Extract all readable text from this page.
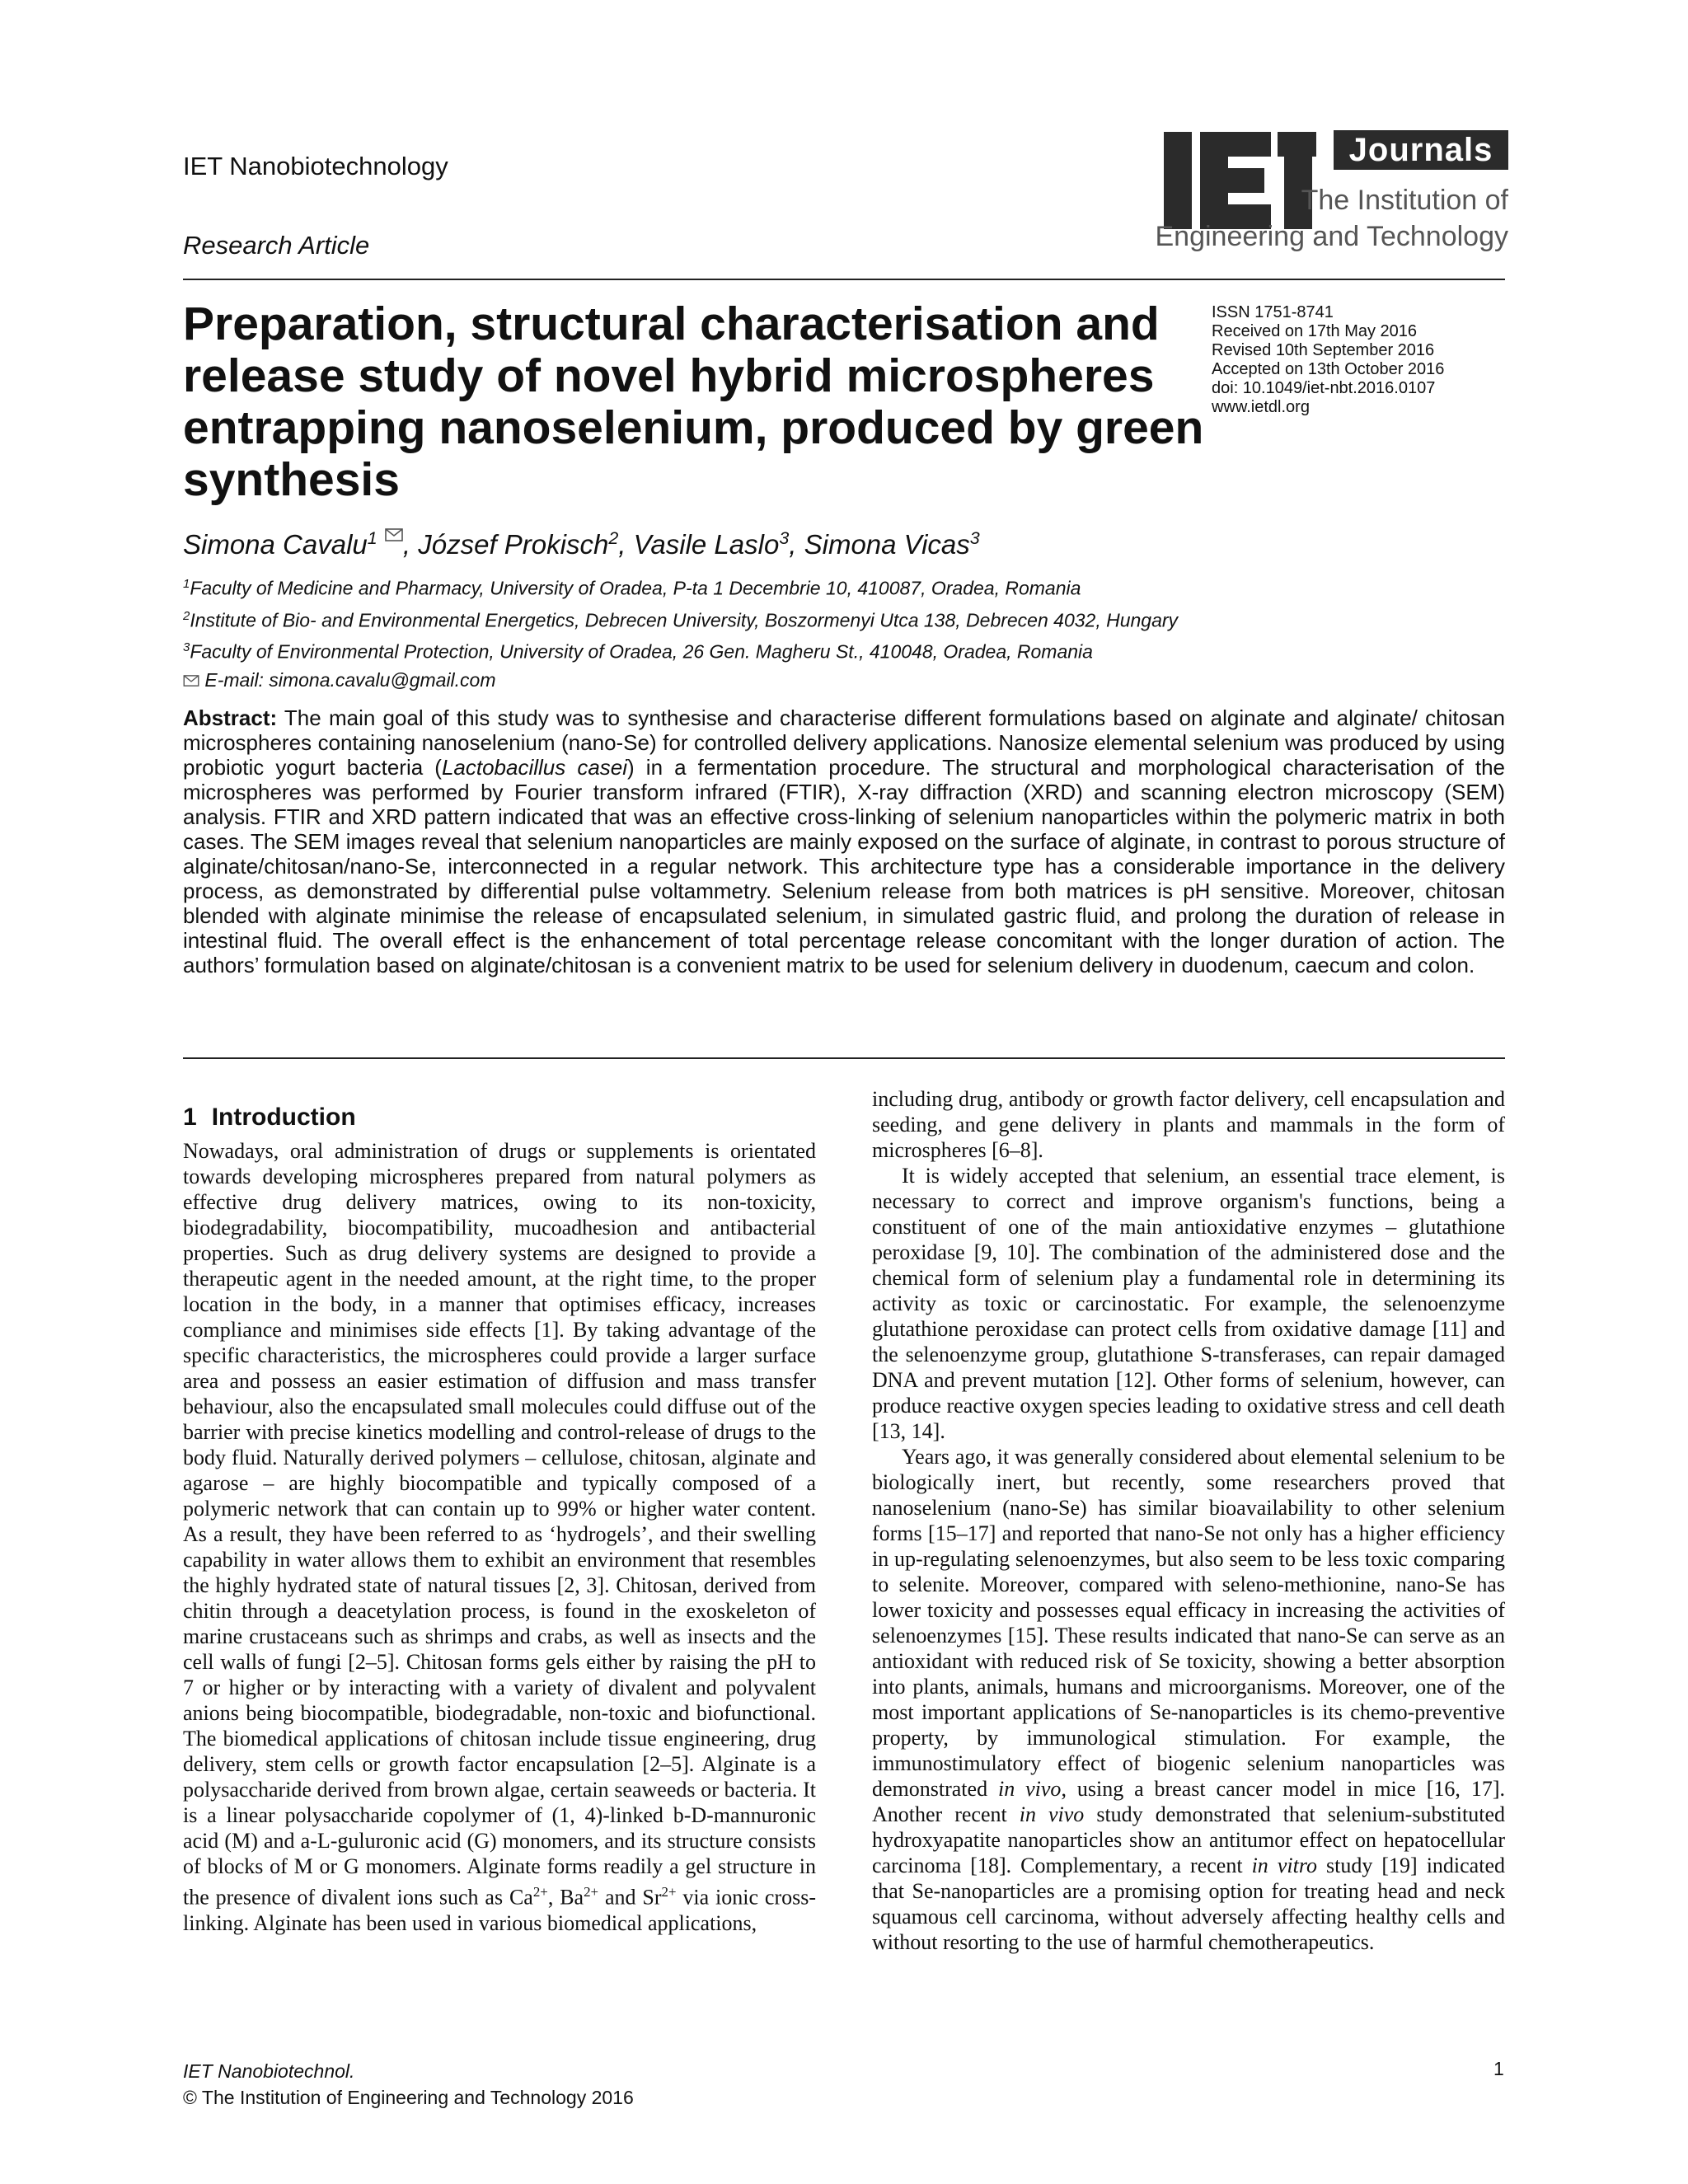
IET Nanobiotechnology
Research Article
Journals
The Institution of
Engineering and Technology
Preparation, structural characterisation and release study of novel hybrid microspheres entrapping nanoselenium, produced by green synthesis
ISSN 1751-8741
Received on 17th May 2016
Revised 10th September 2016
Accepted on 13th October 2016
doi: 10.1049/iet-nbt.2016.0107
www.ietdl.org
Simona Cavalu$^1$ , József Prokisch$^2$, Vasile Laslo$^3$, Simona Vicas$^3$
$^1$Faculty of Medicine and Pharmacy, University of Oradea, P-ta 1 Decembrie 10, 410087, Oradea, Romania
$^2$Institute of Bio- and Environmental Energetics, Debrecen University, Boszormenyi Utca 138, Debrecen 4032, Hungary
$^3$Faculty of Environmental Protection, University of Oradea, 26 Gen. Magheru St., 410048, Oradea, Romania
E-mail: simona.cavalu@gmail.com
Abstract: The main goal of this study was to synthesise and characterise different formulations based on alginate and alginate/ chitosan microspheres containing nanoselenium (nano-Se) for controlled delivery applications. Nanosize elemental selenium was produced by using probiotic yogurt bacteria (Lactobacillus casei) in a fermentation procedure. The structural and morphological characterisation of the microspheres was performed by Fourier transform infrared (FTIR), X-ray diffraction (XRD) and scanning electron microscopy (SEM) analysis. FTIR and XRD pattern indicated that was an effective cross-linking of selenium nanoparticles within the polymeric matrix in both cases. The SEM images reveal that selenium nanoparticles are mainly exposed on the surface of alginate, in contrast to porous structure of alginate/chitosan/nano-Se, interconnected in a regular network. This architecture type has a considerable importance in the delivery process, as demonstrated by differential pulse voltammetry. Selenium release from both matrices is pH sensitive. Moreover, chitosan blended with alginate minimise the release of encapsulated selenium, in simulated gastric fluid, and prolong the duration of release in intestinal fluid. The overall effect is the enhancement of total percentage release concomitant with the longer duration of action. The authors’ formulation based on alginate/chitosan is a convenient matrix to be used for selenium delivery in duodenum, caecum and colon.
1 Introduction

Nowadays, oral administration of drugs or supplements is orientated towards developing microspheres prepared from natural polymers as effective drug delivery matrices, owing to its non-toxicity, biodegradability, biocompatibility, mucoadhesion and antibacterial properties. Such as drug delivery systems are designed to provide a therapeutic agent in the needed amount, at the right time, to the proper location in the body, in a manner that optimises efficacy, increases compliance and minimises side effects [1]. By taking advantage of the specific characteristics, the microspheres could provide a larger surface area and possess an easier estimation of diffusion and mass transfer behaviour, also the encapsulated small molecules could diffuse out of the barrier with precise kinetics modelling and control-release of drugs to the body fluid. Naturally derived polymers – cellulose, chitosan, alginate and agarose – are highly biocompatible and typically composed of a polymeric network that can contain up to 99% or higher water content. As a result, they have been referred to as ‘hydrogels’, and their swelling capability in water allows them to exhibit an environment that resembles the highly hydrated state of natural tissues [2, 3]. Chitosan, derived from chitin through a deacetylation process, is found in the exoskeleton of marine crustaceans such as shrimps and crabs, as well as insects and the cell walls of fungi [2–5]. Chitosan forms gels either by raising the pH to 7 or higher or by interacting with a variety of divalent and polyvalent anions being biocompatible, biodegradable, non-toxic and biofunctional. The biomedical applications of chitosan include tissue engineering, drug delivery, stem cells or growth factor encapsulation [2–5]. Alginate is a polysaccharide derived from brown algae, certain seaweeds or bacteria. It is a linear polysaccharide copolymer of (1, 4)-linked b-D-mannuronic acid (M) and a-L-guluronic acid (G) monomers, and its structure consists of blocks of M or G monomers. Alginate forms readily a gel structure in the presence of divalent ions such as $Ca^{2+}$, $Ba^{2+}$ and $Sr^{2+}$ via ionic cross-linking. Alginate has been used in various biomedical applications,

including drug, antibody or growth factor delivery, cell encapsulation and seeding, and gene delivery in plants and mammals in the form of microspheres [6–8].

It is widely accepted that selenium, an essential trace element, is necessary to correct and improve organism's functions, being a constituent of one of the main antioxidative enzymes – glutathione peroxidase [9, 10]. The combination of the administered dose and the chemical form of selenium play a fundamental role in determining its activity as toxic or carcinostatic. For example, the selenoenzyme glutathione peroxidase can protect cells from oxidative damage [11] and the selenoenzyme group, glutathione S-transferases, can repair damaged DNA and prevent mutation [12]. Other forms of selenium, however, can produce reactive oxygen species leading to oxidative stress and cell death [13, 14].

Years ago, it was generally considered about elemental selenium to be biologically inert, but recently, some researchers proved that nanoselenium (nano-Se) has similar bioavailability to other selenium forms [15–17] and reported that nano-Se not only has a higher efficiency in up-regulating selenoenzymes, but also seem to be less toxic comparing to selenite. Moreover, compared with seleno-methionine, nano-Se has lower toxicity and possesses equal efficacy in increasing the activities of selenoenzymes [15]. These results indicated that nano-Se can serve as an antioxidant with reduced risk of Se toxicity, showing a better absorption into plants, animals, humans and microorganisms. Moreover, one of the most important applications of Se-nanoparticles is its chemo-preventive property, by immunological stimulation. For example, the immunostimulatory effect of biogenic selenium nanoparticles was demonstrated in vivo, using a breast cancer model in mice [16, 17]. Another recent in vivo study demonstrated that selenium-substituted hydroxyapatite nanoparticles show an antitumor effect on hepatocellular carcinoma [18]. Complementary, a recent in vitro study [19] indicated that Se-nanoparticles are a promising option for treating head and neck squamous cell carcinoma, without adversely affecting healthy cells and without resorting to the use of harmful chemotherapeutics.

IET Nanobiotechnol.
© The Institution of Engineering and Technology 2016
1
